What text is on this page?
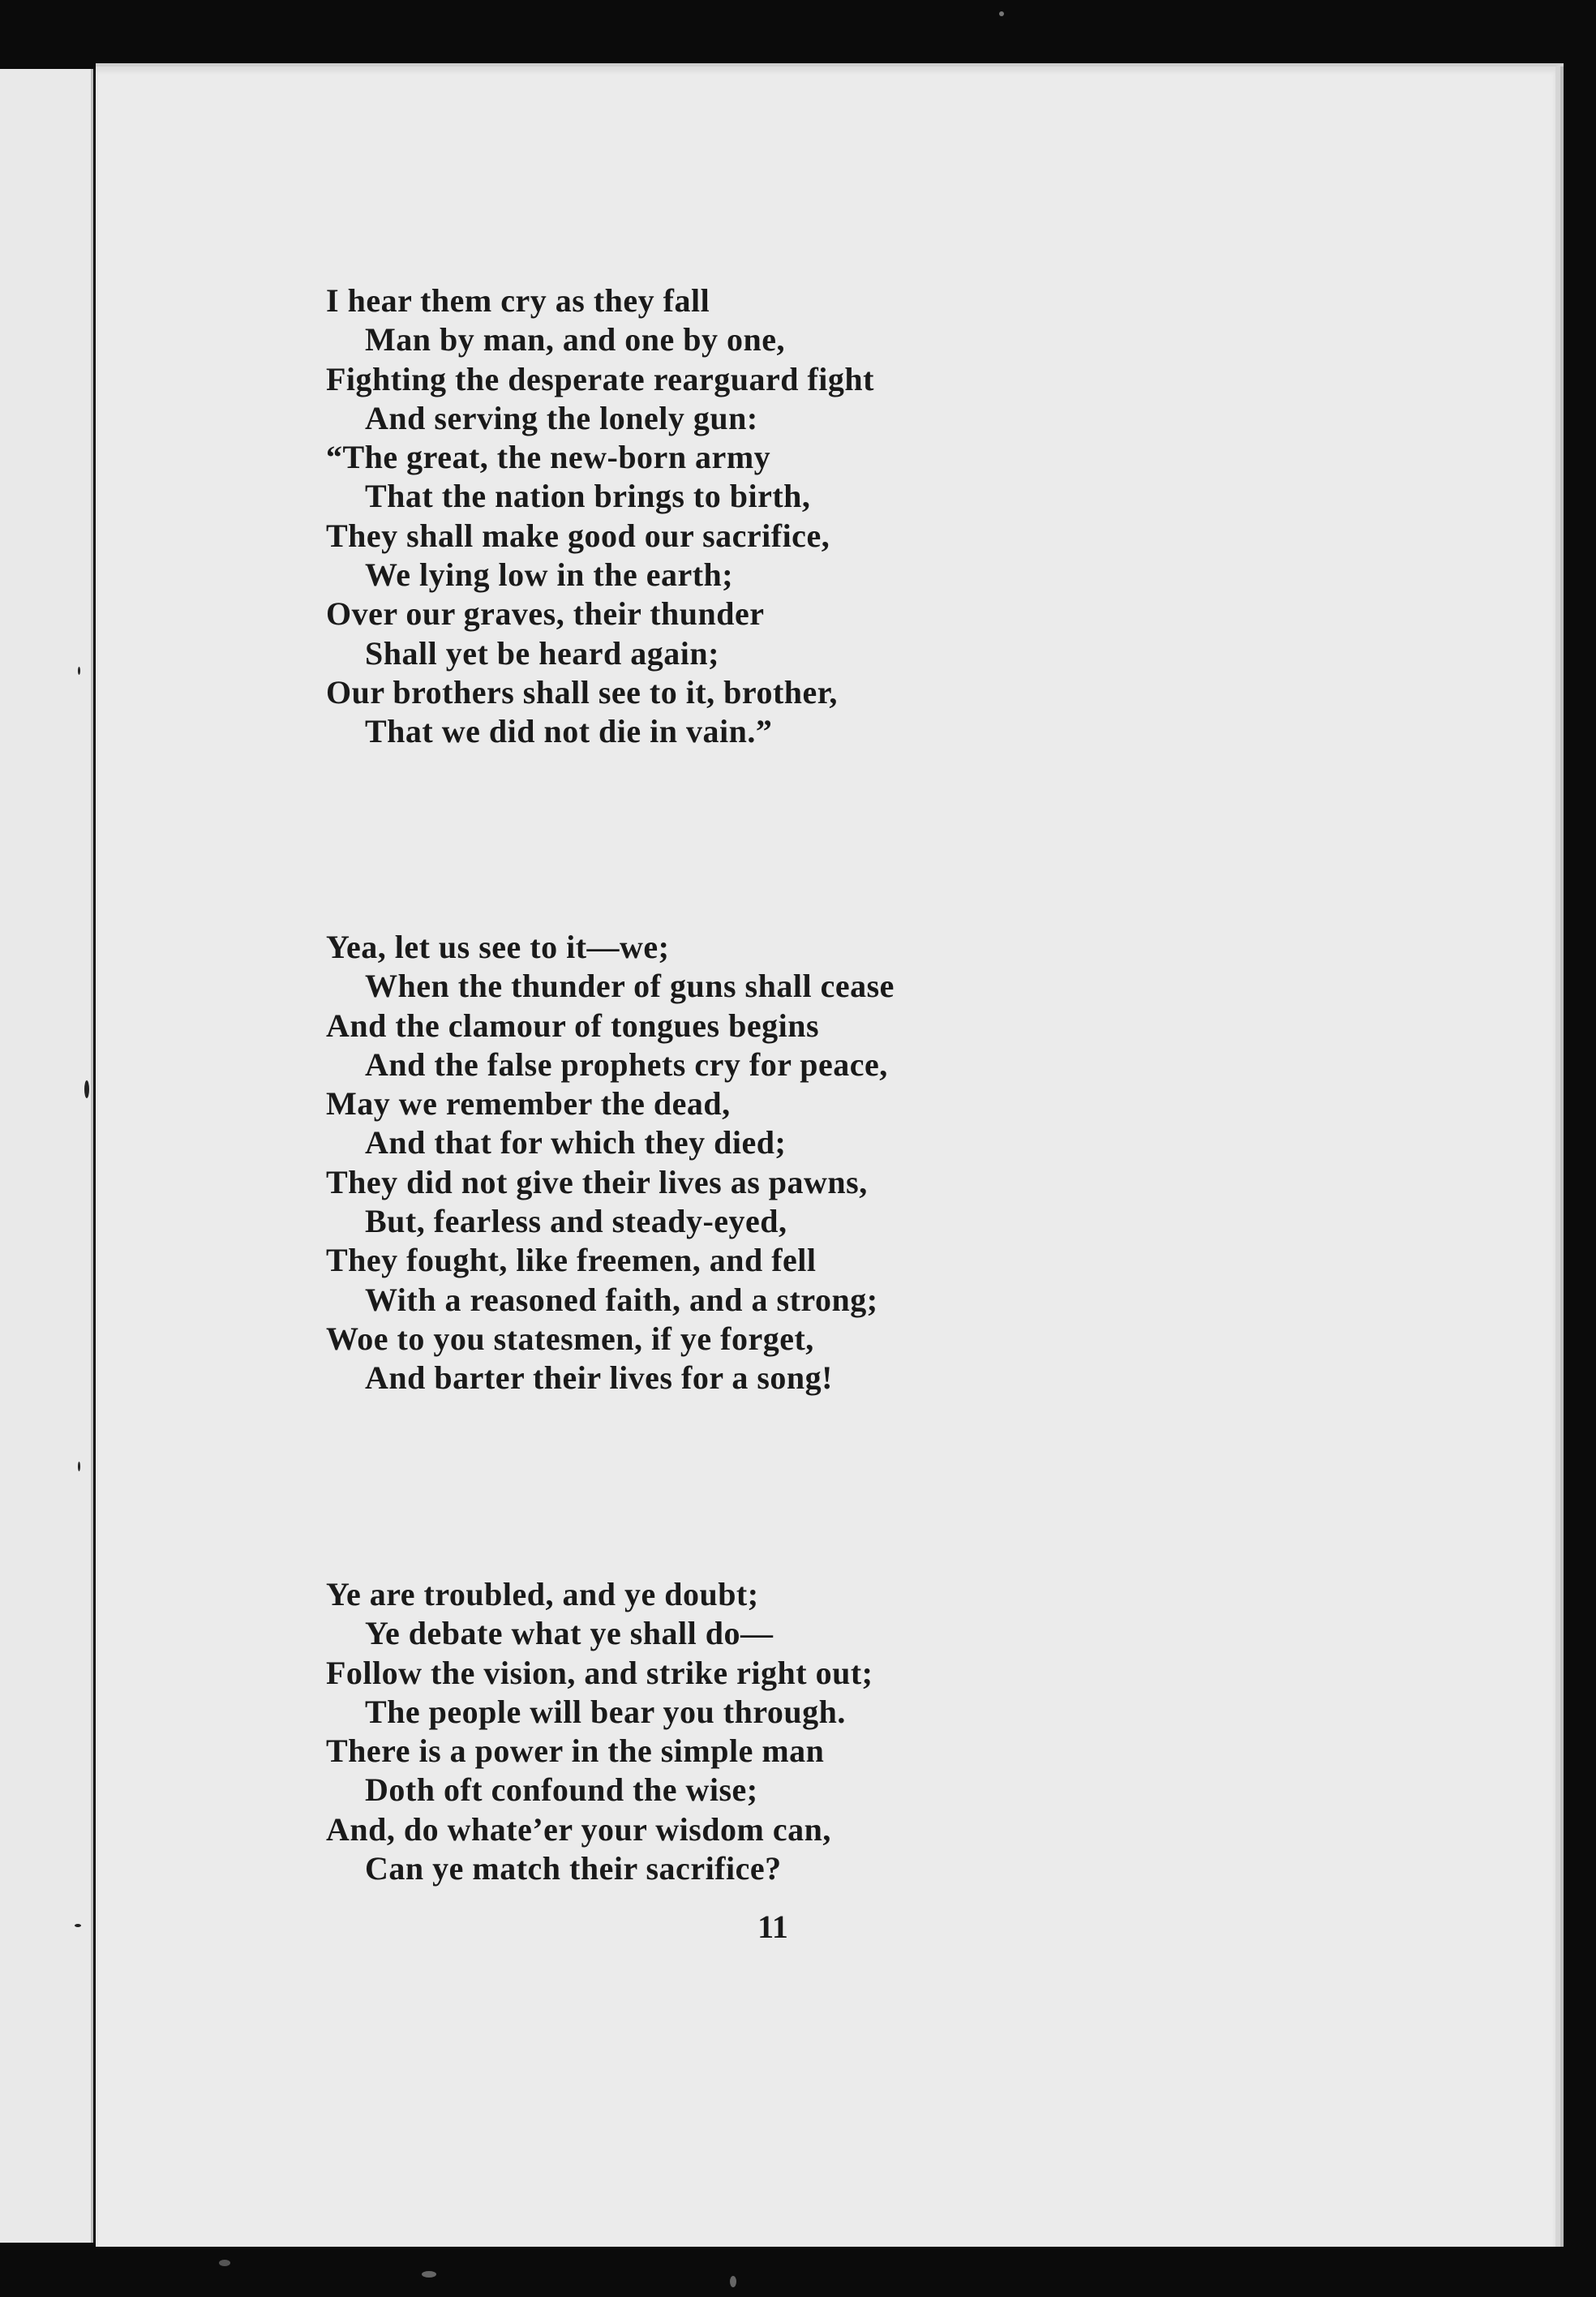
I hear them cry as they fall
Man by man, and one by one,
Fighting the desperate rearguard fight
And serving the lonely gun:
“The great, the new-born army
That the nation brings to birth,
They shall make good our sacrifice,
We lying low in the earth;
Over our graves, their thunder
Shall yet be heard again;
Our brothers shall see to it, brother,
That we did not die in vain.”
Yea, let us see to it—we;
When the thunder of guns shall cease
And the clamour of tongues begins
And the false prophets cry for peace,
May we remember the dead,
And that for which they died;
They did not give their lives as pawns,
But, fearless and steady-eyed,
They fought, like freemen, and fell
With a reasoned faith, and a strong;
Woe to you statesmen, if ye forget,
And barter their lives for a song!
Ye are troubled, and ye doubt;
Ye debate what ye shall do—
Follow the vision, and strike right out;
The people will bear you through.
There is a power in the simple man
Doth oft confound the wise;
And, do whate’er your wisdom can,
Can ye match their sacrifice?
11
